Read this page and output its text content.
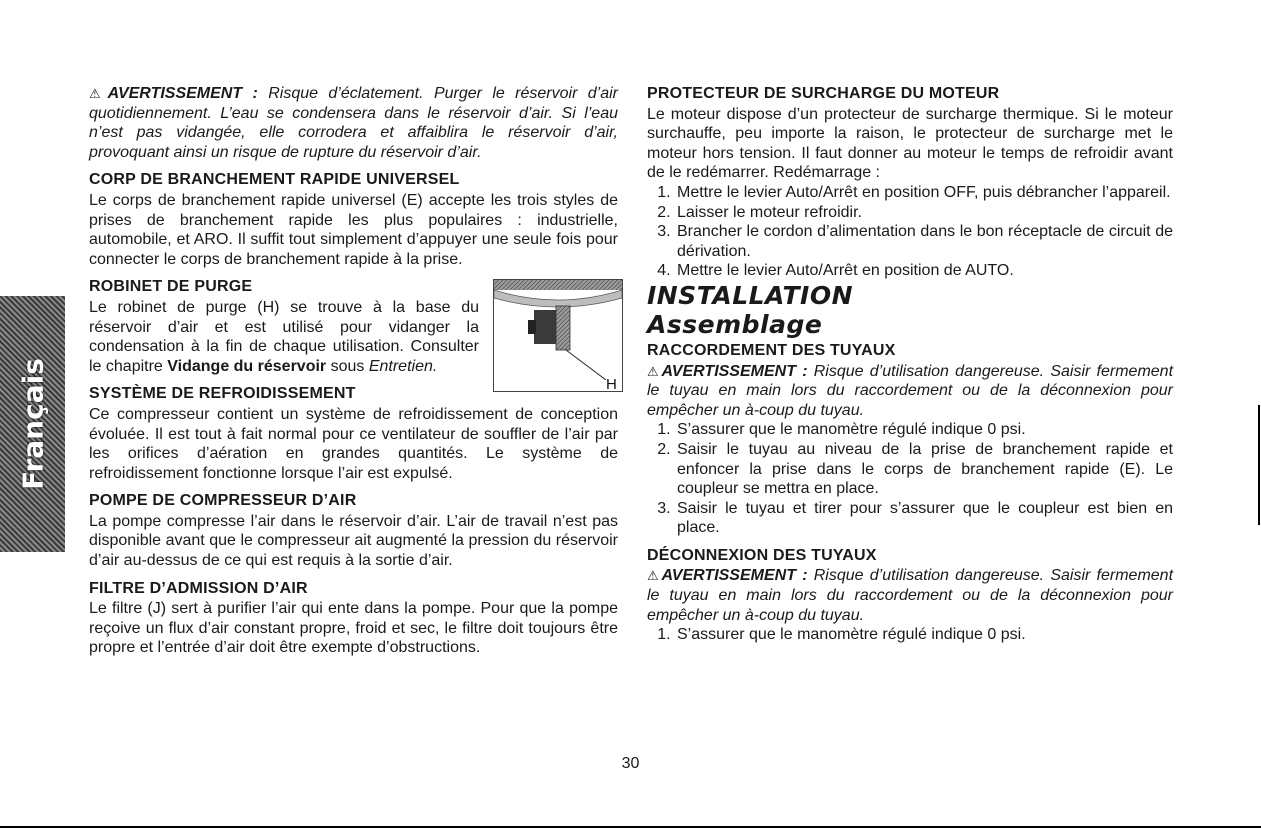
Français

⚠AVERTISSEMENT : Risque d’éclatement. Purger le réservoir d’air quotidiennement. L’eau se condensera dans le réservoir d’air. Si l’eau n’est pas vidangée, elle corrodera et affaiblira le réservoir d’air, provoquant ainsi un risque de rupture du réservoir d’air.

CORP DE BRANCHEMENT RAPIDE UNIVERSEL

Le corps de branchement rapide universel (E) accepte les trois styles de prises de branchement rapide les plus populaires : industrielle, automobile, et ARO. Il suffit tout simplement d’appuyer une seule fois pour connecter le corps de branchement rapide à la prise.

ROBINET DE PURGE

Le robinet de purge (H) se trouve à la base du réservoir d’air et est utilisé pour vidanger la condensation à la fin de chaque utilisation. Consulter le chapitre Vidange du réservoir sous Entretien.

H
SYSTÈME DE REFROIDISSEMENT

Ce compresseur contient un système de refroidissement de conception évoluée. Il est tout à fait normal pour ce ventilateur de souffler de l’air par les orifices d’aération en grandes quantités. Le système de refroidissement fonctionne lorsque l’air est expulsé.

POMPE DE COMPRESSEUR D’AIR

La pompe compresse l’air dans le réservoir d’air. L’air de travail n’est pas disponible avant que le compresseur ait augmenté la pression du réservoir d’air au-dessus de ce qui est requis à la sortie d’air.

FILTRE D’ADMISSION D’AIR

Le filtre (J) sert à purifier l’air qui ente dans la pompe. Pour que la pompe reçoive un flux d’air constant propre, froid et sec, le filtre doit toujours être propre et l’entrée d’air doit être exempte d’obstructions.

PROTECTEUR DE SURCHARGE DU MOTEUR

Le moteur dispose d’un protecteur de surcharge thermique. Si le moteur surchauffe, peu importe la raison, le protecteur de surcharge met le moteur hors tension. Il faut donner au moteur le temps de refroidir avant de le redémarrer. Redémarrage :

1. Mettre le levier Auto/Arrêt en position OFF, puis débrancher l’appareil.
2. Laisser le moteur refroidir.
3. Brancher le cordon d’alimentation dans le bon réceptacle de circuit de dérivation.
4. Mettre le levier Auto/Arrêt en position de AUTO.
INSTALLATION
Assemblage
RACCORDEMENT DES TUYAUX

⚠AVERTISSEMENT : Risque d’utilisation dangereuse. Saisir fermement le tuyau en main lors du raccordement ou de la déconnexion pour empêcher un à-coup du tuyau.

1. S’assurer que le manomètre régulé indique 0 psi.
2. Saisir le tuyau au niveau de la prise de branchement rapide et enfoncer la prise dans le corps de branchement rapide (E). Le coupleur se mettra en place.
3. Saisir le tuyau et tirer pour s’assurer que le coupleur est bien en place.
DÉCONNEXION DES TUYAUX

⚠AVERTISSEMENT : Risque d’utilisation dangereuse. Saisir fermement le tuyau en main lors du raccordement ou de la déconnexion pour empêcher un à-coup du tuyau.

1. S’assurer que le manomètre régulé indique 0 psi.
30
